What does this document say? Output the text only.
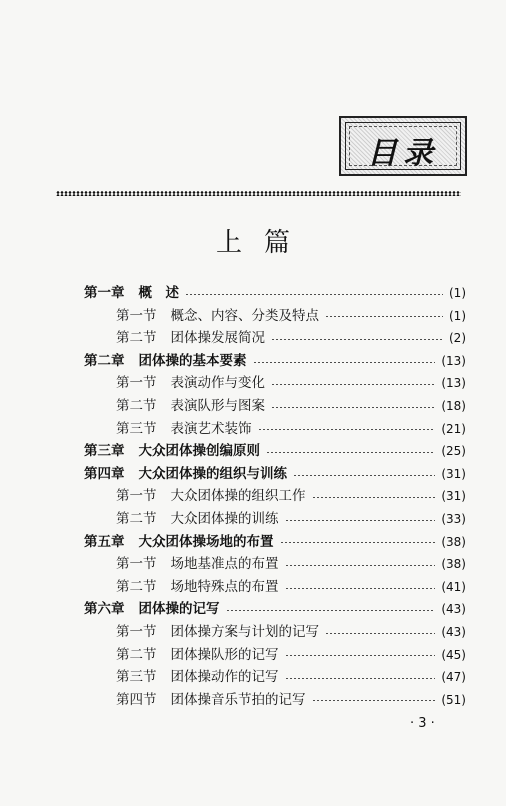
目录
上篇
第一章 概　述	(1)
第一节 概念、内容、分类及特点	(1)
第二节 团体操发展简况	(2)
第二章 团体操的基本要素	(13)
第一节 表演动作与变化	(13)
第二节 表演队形与图案	(18)
第三节 表演艺术装饰	(21)
第三章 大众团体操创编原则	(25)
第四章 大众团体操的组织与训练	(31)
第一节 大众团体操的组织工作	(31)
第二节 大众团体操的训练	(33)
第五章 大众团体操场地的布置	(38)
第一节 场地基准点的布置	(38)
第二节 场地特殊点的布置	(41)
第六章 团体操的记写	(43)
第一节 团体操方案与计划的记写	(43)
第二节 团体操队形的记写	(45)
第三节 团体操动作的记写	(47)
第四节 团体操音乐节拍的记写	(51)
· 3 ·
